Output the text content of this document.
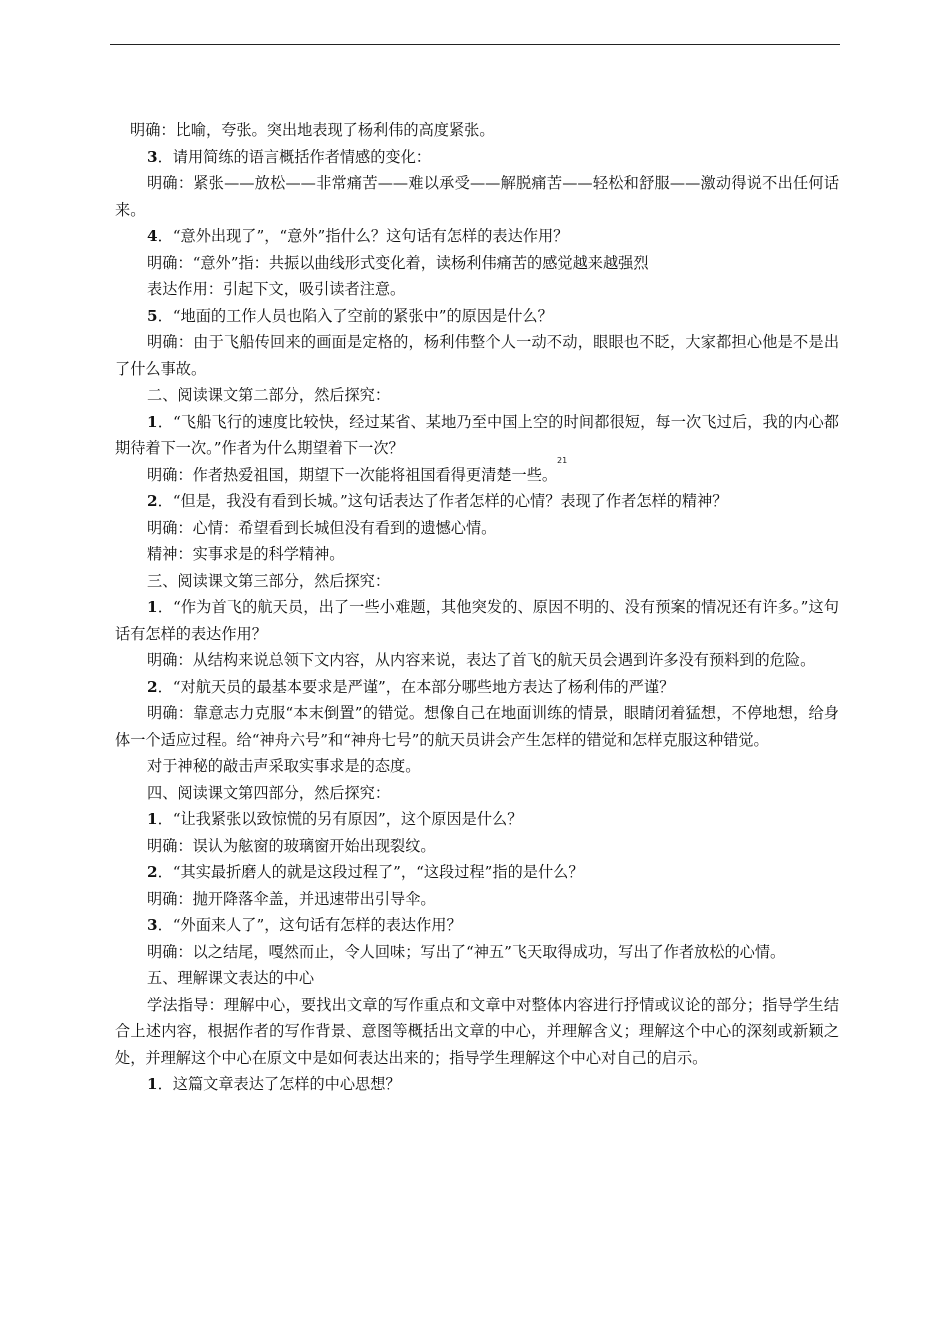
21

明确：比喻，夸张。突出地表现了杨利伟的高度紧张。

3．请用简练的语言概括作者情感的变化：

明确：紧张——放松——非常痛苦——难以承受——解脱痛苦——轻松和舒服——激动得说不出任何话来。

4．“意外出现了”，“意外”指什么？这句话有怎样的表达作用？

明确：“意外”指：共振以曲线形式变化着，读杨利伟痛苦的感觉越来越强烈

表达作用：引起下文，吸引读者注意。

5．“地面的工作人员也陷入了空前的紧张中”的原因是什么？

明确：由于飞船传回来的画面是定格的，杨利伟整个人一动不动，眼眼也不眨，大家都担心他是不是出了什么事故。

二、阅读课文第二部分，然后探究：

1．“飞船飞行的速度比较快，经过某省、某地乃至中国上空的时间都很短，每一次飞过后，我的内心都期待着下一次。”作者为什么期望着下一次？

明确：作者热爱祖国，期望下一次能将祖国看得更清楚一些。

2．“但是，我没有看到长城。”这句话表达了作者怎样的心情？表现了作者怎样的精神？

明确：心情：希望看到长城但没有看到的遗憾心情。

精神：实事求是的科学精神。

三、阅读课文第三部分，然后探究：

1．“作为首飞的航天员，出了一些小难题，其他突发的、原因不明的、没有预案的情况还有许多。”这句话有怎样的表达作用？

明确：从结构来说总领下文内容，从内容来说，表达了首飞的航天员会遇到许多没有预料到的危险。

2．“对航天员的最基本要求是严谨”，在本部分哪些地方表达了杨利伟的严谨？

明确：靠意志力克服“本末倒置”的错觉。想像自己在地面训练的情景，眼睛闭着猛想，不停地想，给身体一个适应过程。给“神舟六号”和“神舟七号”的航天员讲会产生怎样的错觉和怎样克服这种错觉。

对于神秘的敲击声采取实事求是的态度。

四、阅读课文第四部分，然后探究：

1．“让我紧张以致惊慌的另有原因”，这个原因是什么？

明确：误认为舷窗的玻璃窗开始出现裂纹。

2．“其实最折磨人的就是这段过程了”，“这段过程”指的是什么？

明确：抛开降落伞盖，并迅速带出引导伞。

3．“外面来人了”，这句话有怎样的表达作用？

明确：以之结尾，嘎然而止，令人回味；写出了“神五”飞天取得成功，写出了作者放松的心情。

五、理解课文表达的中心

学法指导：理解中心，要找出文章的写作重点和文章中对整体内容进行抒情或议论的部分；指导学生结合上述内容，根据作者的写作背景、意图等概括出文章的中心，并理解含义；理解这个中心的深刻或新颖之处，并理解这个中心在原文中是如何表达出来的；指导学生理解这个中心对自己的启示。

1．这篇文章表达了怎样的中心思想？
